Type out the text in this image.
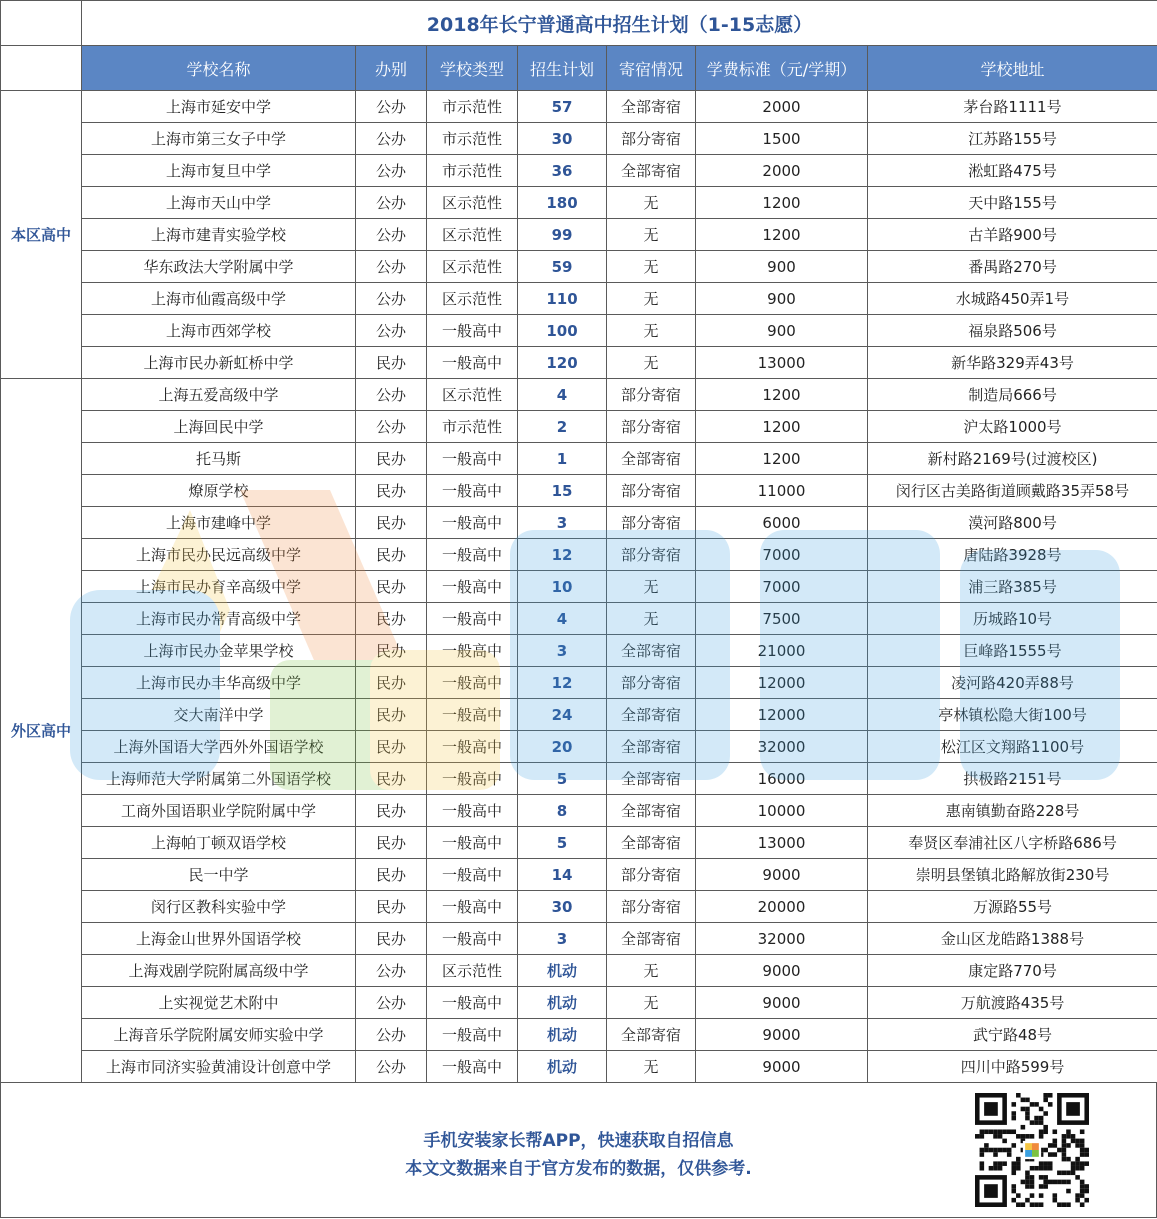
	2018年长宁普通高中招生计划（1-15志愿）						
	学校名称	办别	学校类型	招生计划	寄宿情况	学费标准（元/学期）	学校地址
本区高中	上海市延安中学	公办	市示范性	57	全部寄宿	2000	茅台路1111号
	上海市第三女子中学	公办	市示范性	30	部分寄宿	1500	江苏路155号
	上海市复旦中学	公办	市示范性	36	全部寄宿	2000	淞虹路475号
	上海市天山中学	公办	区示范性	180	无	1200	天中路155号
	上海市建青实验学校	公办	区示范性	99	无	1200	古羊路900号
	华东政法大学附属中学	公办	区示范性	59	无	900	番禺路270号
	上海市仙霞高级中学	公办	区示范性	110	无	900	水城路450弄1号
	上海市西郊学校	公办	一般高中	100	无	900	福泉路506号
	上海市民办新虹桥中学	民办	一般高中	120	无	13000	新华路329弄43号
外区高中	上海五爱高级中学	公办	区示范性	4	部分寄宿	1200	制造局666号
	上海回民中学	公办	市示范性	2	部分寄宿	1200	沪太路1000号
	托马斯	民办	一般高中	1	全部寄宿	1200	新村路2169号(过渡校区)
	燎原学校	民办	一般高中	15	部分寄宿	11000	闵行区古美路街道顾戴路35弄58号
	上海市建峰中学	民办	一般高中	3	部分寄宿	6000	漠河路800号
	上海市民办民远高级中学	民办	一般高中	12	部分寄宿	7000	唐陆路3928号
	上海市民办育辛高级中学	民办	一般高中	10	无	7000	浦三路385号
	上海市民办常青高级中学	民办	一般高中	4	无	7500	历城路10号
	上海市民办金苹果学校	民办	一般高中	3	全部寄宿	21000	巨峰路1555号
	上海市民办丰华高级中学	民办	一般高中	12	部分寄宿	12000	凌河路420弄88号
	交大南洋中学	民办	一般高中	24	全部寄宿	12000	亭林镇松隐大街100号
	上海外国语大学西外外国语学校	民办	一般高中	20	全部寄宿	32000	松江区文翔路1100号
	上海师范大学附属第二外国语学校	民办	一般高中	5	全部寄宿	16000	拱极路2151号
	工商外国语职业学院附属中学	民办	一般高中	8	全部寄宿	10000	惠南镇勤奋路228号
	上海帕丁顿双语学校	民办	一般高中	5	全部寄宿	13000	奉贤区奉浦社区八字桥路686号
	民一中学	民办	一般高中	14	部分寄宿	9000	崇明县堡镇北路解放街230号
	闵行区教科实验中学	民办	一般高中	30	部分寄宿	20000	万源路55号
	上海金山世界外国语学校	民办	一般高中	3	全部寄宿	32000	金山区龙皓路1388号
	上海戏剧学院附属高级中学	公办	区示范性	机动	无	9000	康定路770号
	上实视觉艺术附中	公办	一般高中	机动	无	9000	万航渡路435号
	上海音乐学院附属安师实验中学	公办	一般高中	机动	全部寄宿	9000	武宁路48号
	上海市同济实验黄浦设计创意中学	公办	一般高中	机动	无	9000	四川中路599号
手机安装家长帮APP，快速获取自招信息
本文文数据来自于官方发布的数据，仅供参考.
